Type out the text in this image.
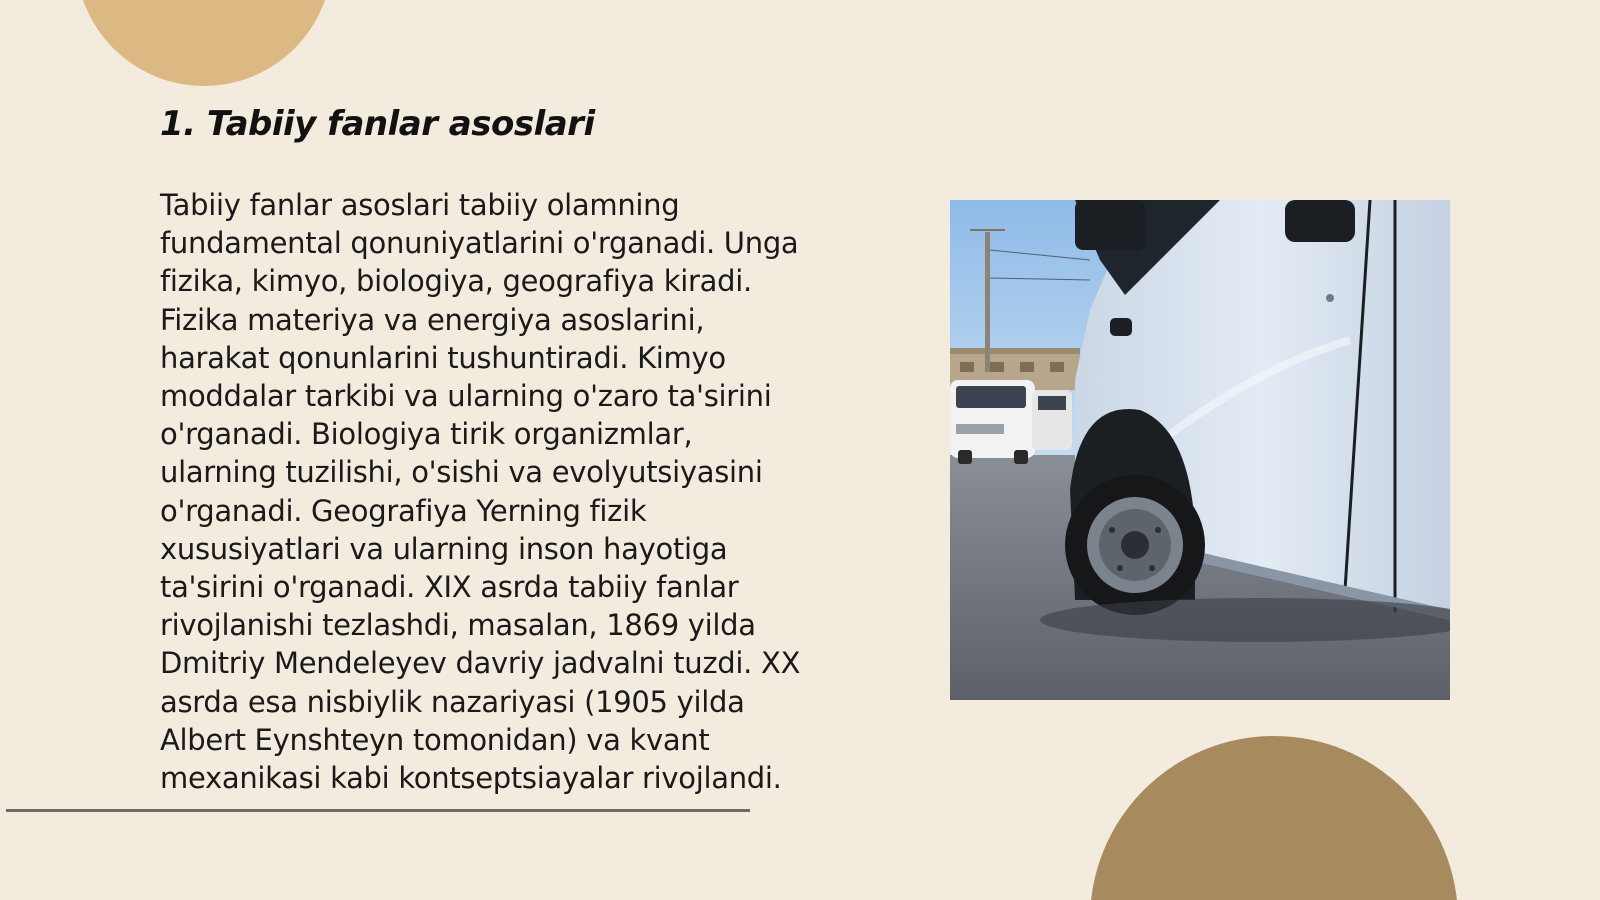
1. Tabiiy fanlar asoslari

Tabiiy fanlar asoslari tabiiy olamning
fundamental qonuniyatlarini o'rganadi. Unga
fizika, kimyo, biologiya, geografiya kiradi.
Fizika materiya va energiya asoslarini,
harakat qonunlarini tushuntiradi. Kimyo
moddalar tarkibi va ularning o'zaro ta'sirini
o'rganadi. Biologiya tirik organizmlar,
ularning tuzilishi, o'sishi va evolyutsiyasini
o'rganadi. Geografiya Yerning fizik
xususiyatlari va ularning inson hayotiga
ta'sirini o'rganadi. XIX asrda tabiiy fanlar
rivojlanishi tezlashdi, masalan, 1869 yilda
Dmitriy Mendeleyev davriy jadvalni tuzdi. XX
asrda esa nisbiylik nazariyasi (1905 yilda
Albert Eynshteyn tomonidan) va kvant
mexanikasi kabi kontseptsiayalar rivojlandi.
